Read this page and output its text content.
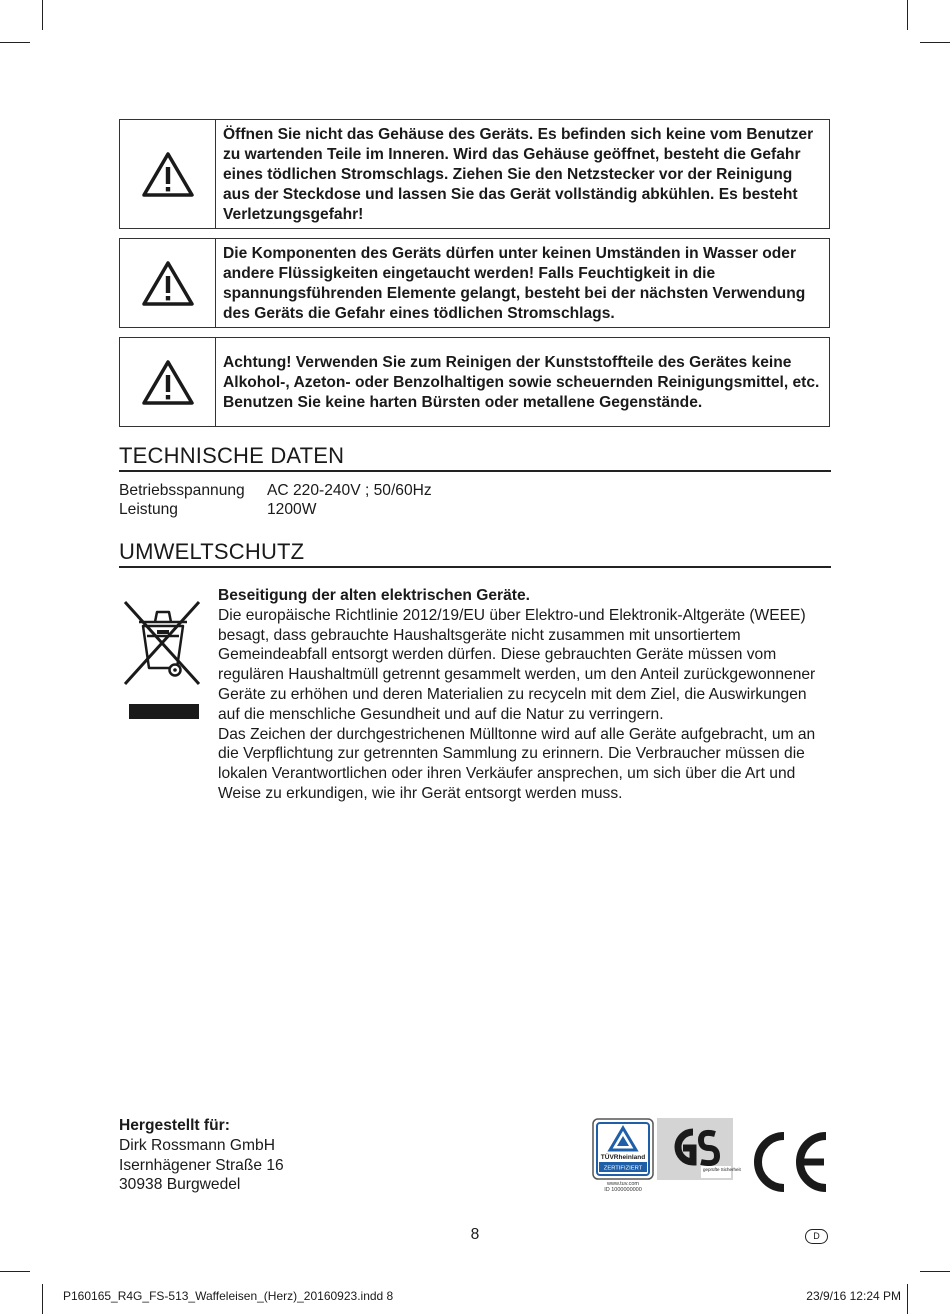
Öffnen Sie nicht das Gehäuse des Geräts. Es befinden sich keine vom Benutzer zu wartenden Teile im Inneren. Wird das Gehäuse geöffnet, besteht die Gefahr eines tödlichen Stromschlags. Ziehen Sie den Netzstecker vor der Reinigung aus der Steckdose und lassen Sie das Gerät vollständig abkühlen. Es besteht Verletzungsgefahr!
Die Komponenten des Geräts dürfen unter keinen Umständen in Wasser oder andere Flüssigkeiten eingetaucht werden! Falls Feuchtigkeit in die spannungsführenden Elemente gelangt, besteht bei der nächsten Verwendung des Geräts die Gefahr eines tödlichen Stromschlags.
Achtung! Verwenden Sie zum Reinigen der Kunststoffteile des Gerätes keine Alkohol-, Azeton- oder Benzolhaltigen sowie scheuernden Reinigungsmittel, etc. Benutzen Sie keine harten Bürsten oder metallene Gegenstände.
TECHNISCHE DATEN
Betriebsspannung	AC 220-240V ; 50/60Hz
Leistung	1200W
UMWELTSCHUTZ
Beseitigung der alten elektrischen Geräte.
Die europäische Richtlinie 2012/19/EU über Elektro-und Elektronik-Altgeräte (WEEE) besagt, dass gebrauchte Haushaltsgeräte nicht zusammen mit unsortiertem Gemeindeabfall entsorgt werden dürfen. Diese gebrauchten Geräte müssen vom regulären Haushaltmüll getrennt gesammelt werden, um den Anteil zurückgewonnener Geräte zu erhöhen und deren Materialien zu recyceln mit dem Ziel, die Auswirkungen auf die menschliche Gesundheit und auf die Natur zu verringern.
Das Zeichen der durchgestrichenen Mülltonne wird auf alle Geräte aufgebracht, um an die Verpflichtung zur getrennten Sammlung zu erinnern. Die Verbraucher müssen die lokalen Verantwortlichen oder ihren Verkäufer ansprechen, um sich über die Art und Weise zu erkundigen, wie ihr Gerät entsorgt werden muss.
Hergestellt für:
Dirk Rossmann GmbH
Isernhägener Straße 16
30938 Burgwedel
TÜVRheinland
ZERTIFIZIERT
www.tuv.com
ID 1000000000
geprüfte Sicherheit
8	D
P160165_R4G_FS-513_Waffeleisen_(Herz)_20160923.indd 8	23/9/16 12:24 PM
